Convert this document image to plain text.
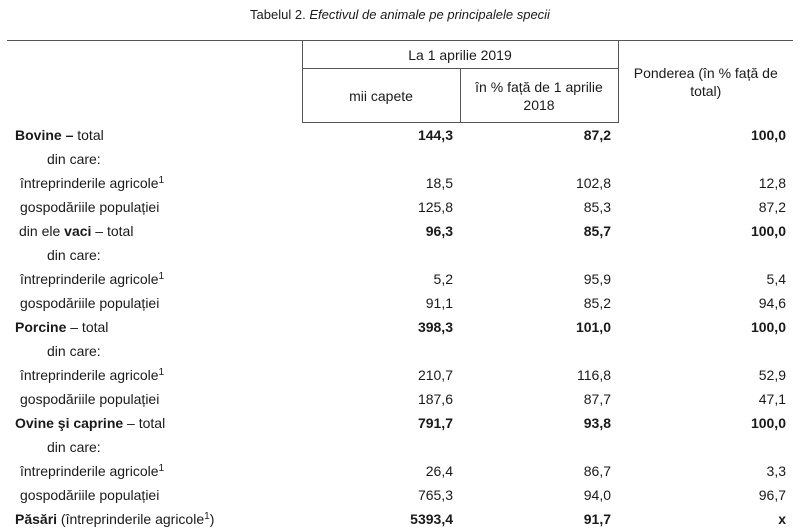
Tabelul 2. Efectivul de animale pe principalele specii
	La 1 aprilie 2019		Ponderea (în % față de total)
	mii capete	în % față de 1 aprilie 2018	
Bovine – total	144,3	87,2	100,0
din care:			
întreprinderile agricole$^1$	18,5	102,8	12,8
gospodăriile populației	125,8	85,3	87,2
din ele vaci – total	96,3	85,7	100,0
din care:			
întreprinderile agricole$^1$	5,2	95,9	5,4
gospodăriile populației	91,1	85,2	94,6
Porcine – total	398,3	101,0	100,0
din care:			
întreprinderile agricole$^1$	210,7	116,8	52,9
gospodăriile populației	187,6	87,7	47,1
Ovine şi caprine – total	791,7	93,8	100,0
din care:			
întreprinderile agricole$^1$	26,4	86,7	3,3
gospodăriile populației	765,3	94,0	96,7
Păsări (întreprinderile agricole$^1$)	5393,4	91,7	x
